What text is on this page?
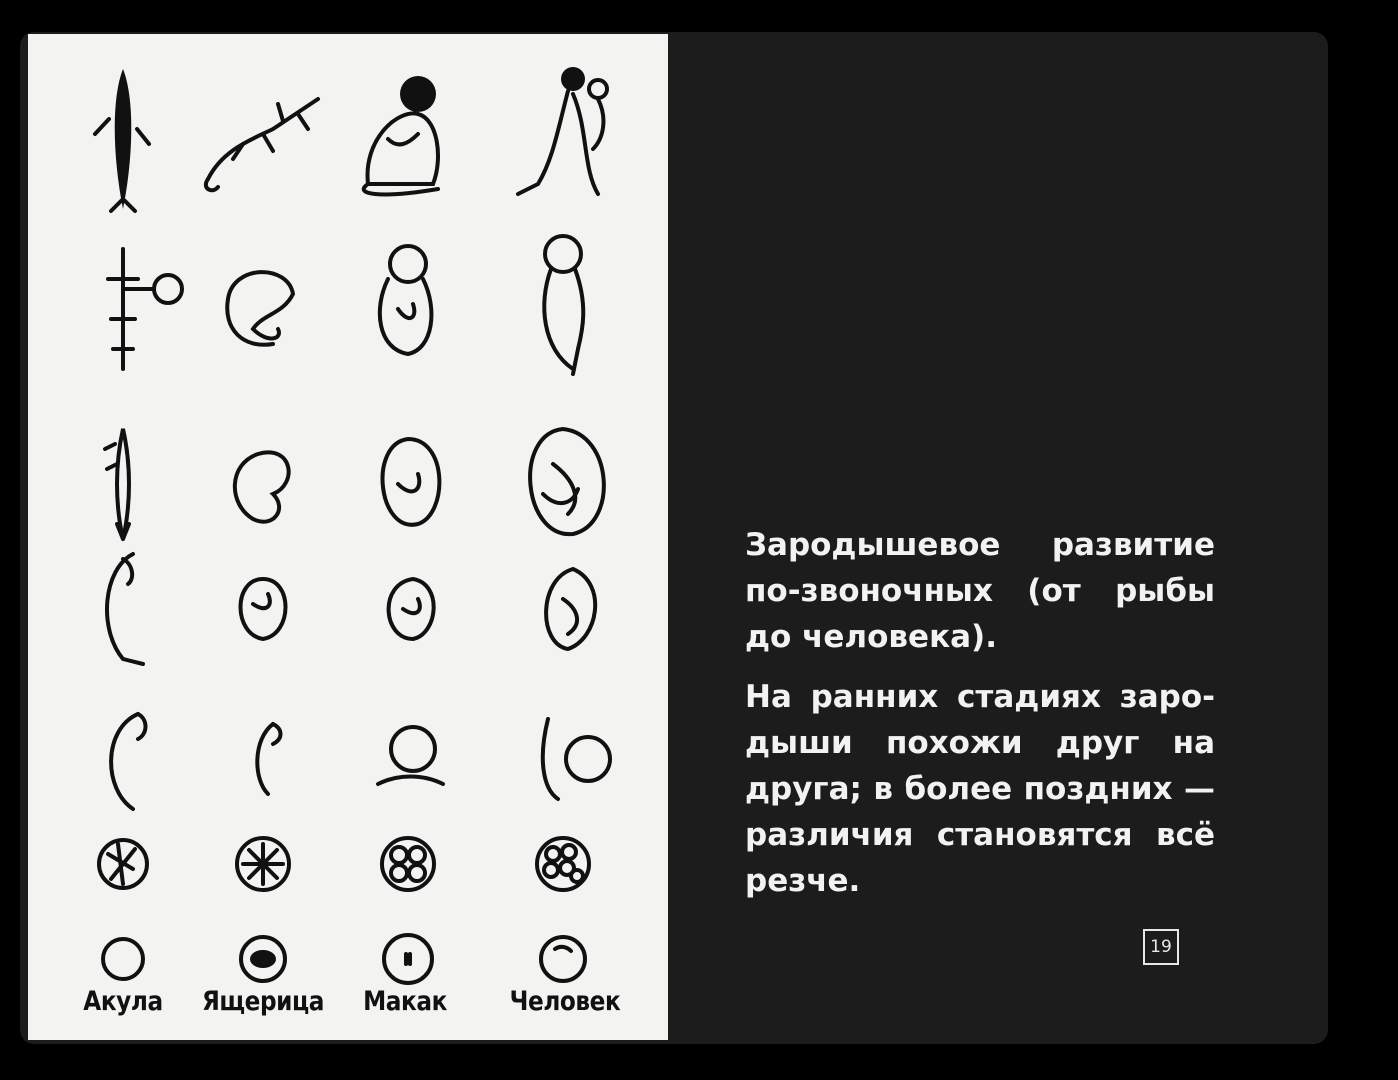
Акула	Ящерица	Макак	Человек

Зародышевое развитие по-звоночных (от рыбы до человека).

На ранних стадиях заро-дыши похожи друг на друга; в более поздних — различия становятся всё резче.

19
